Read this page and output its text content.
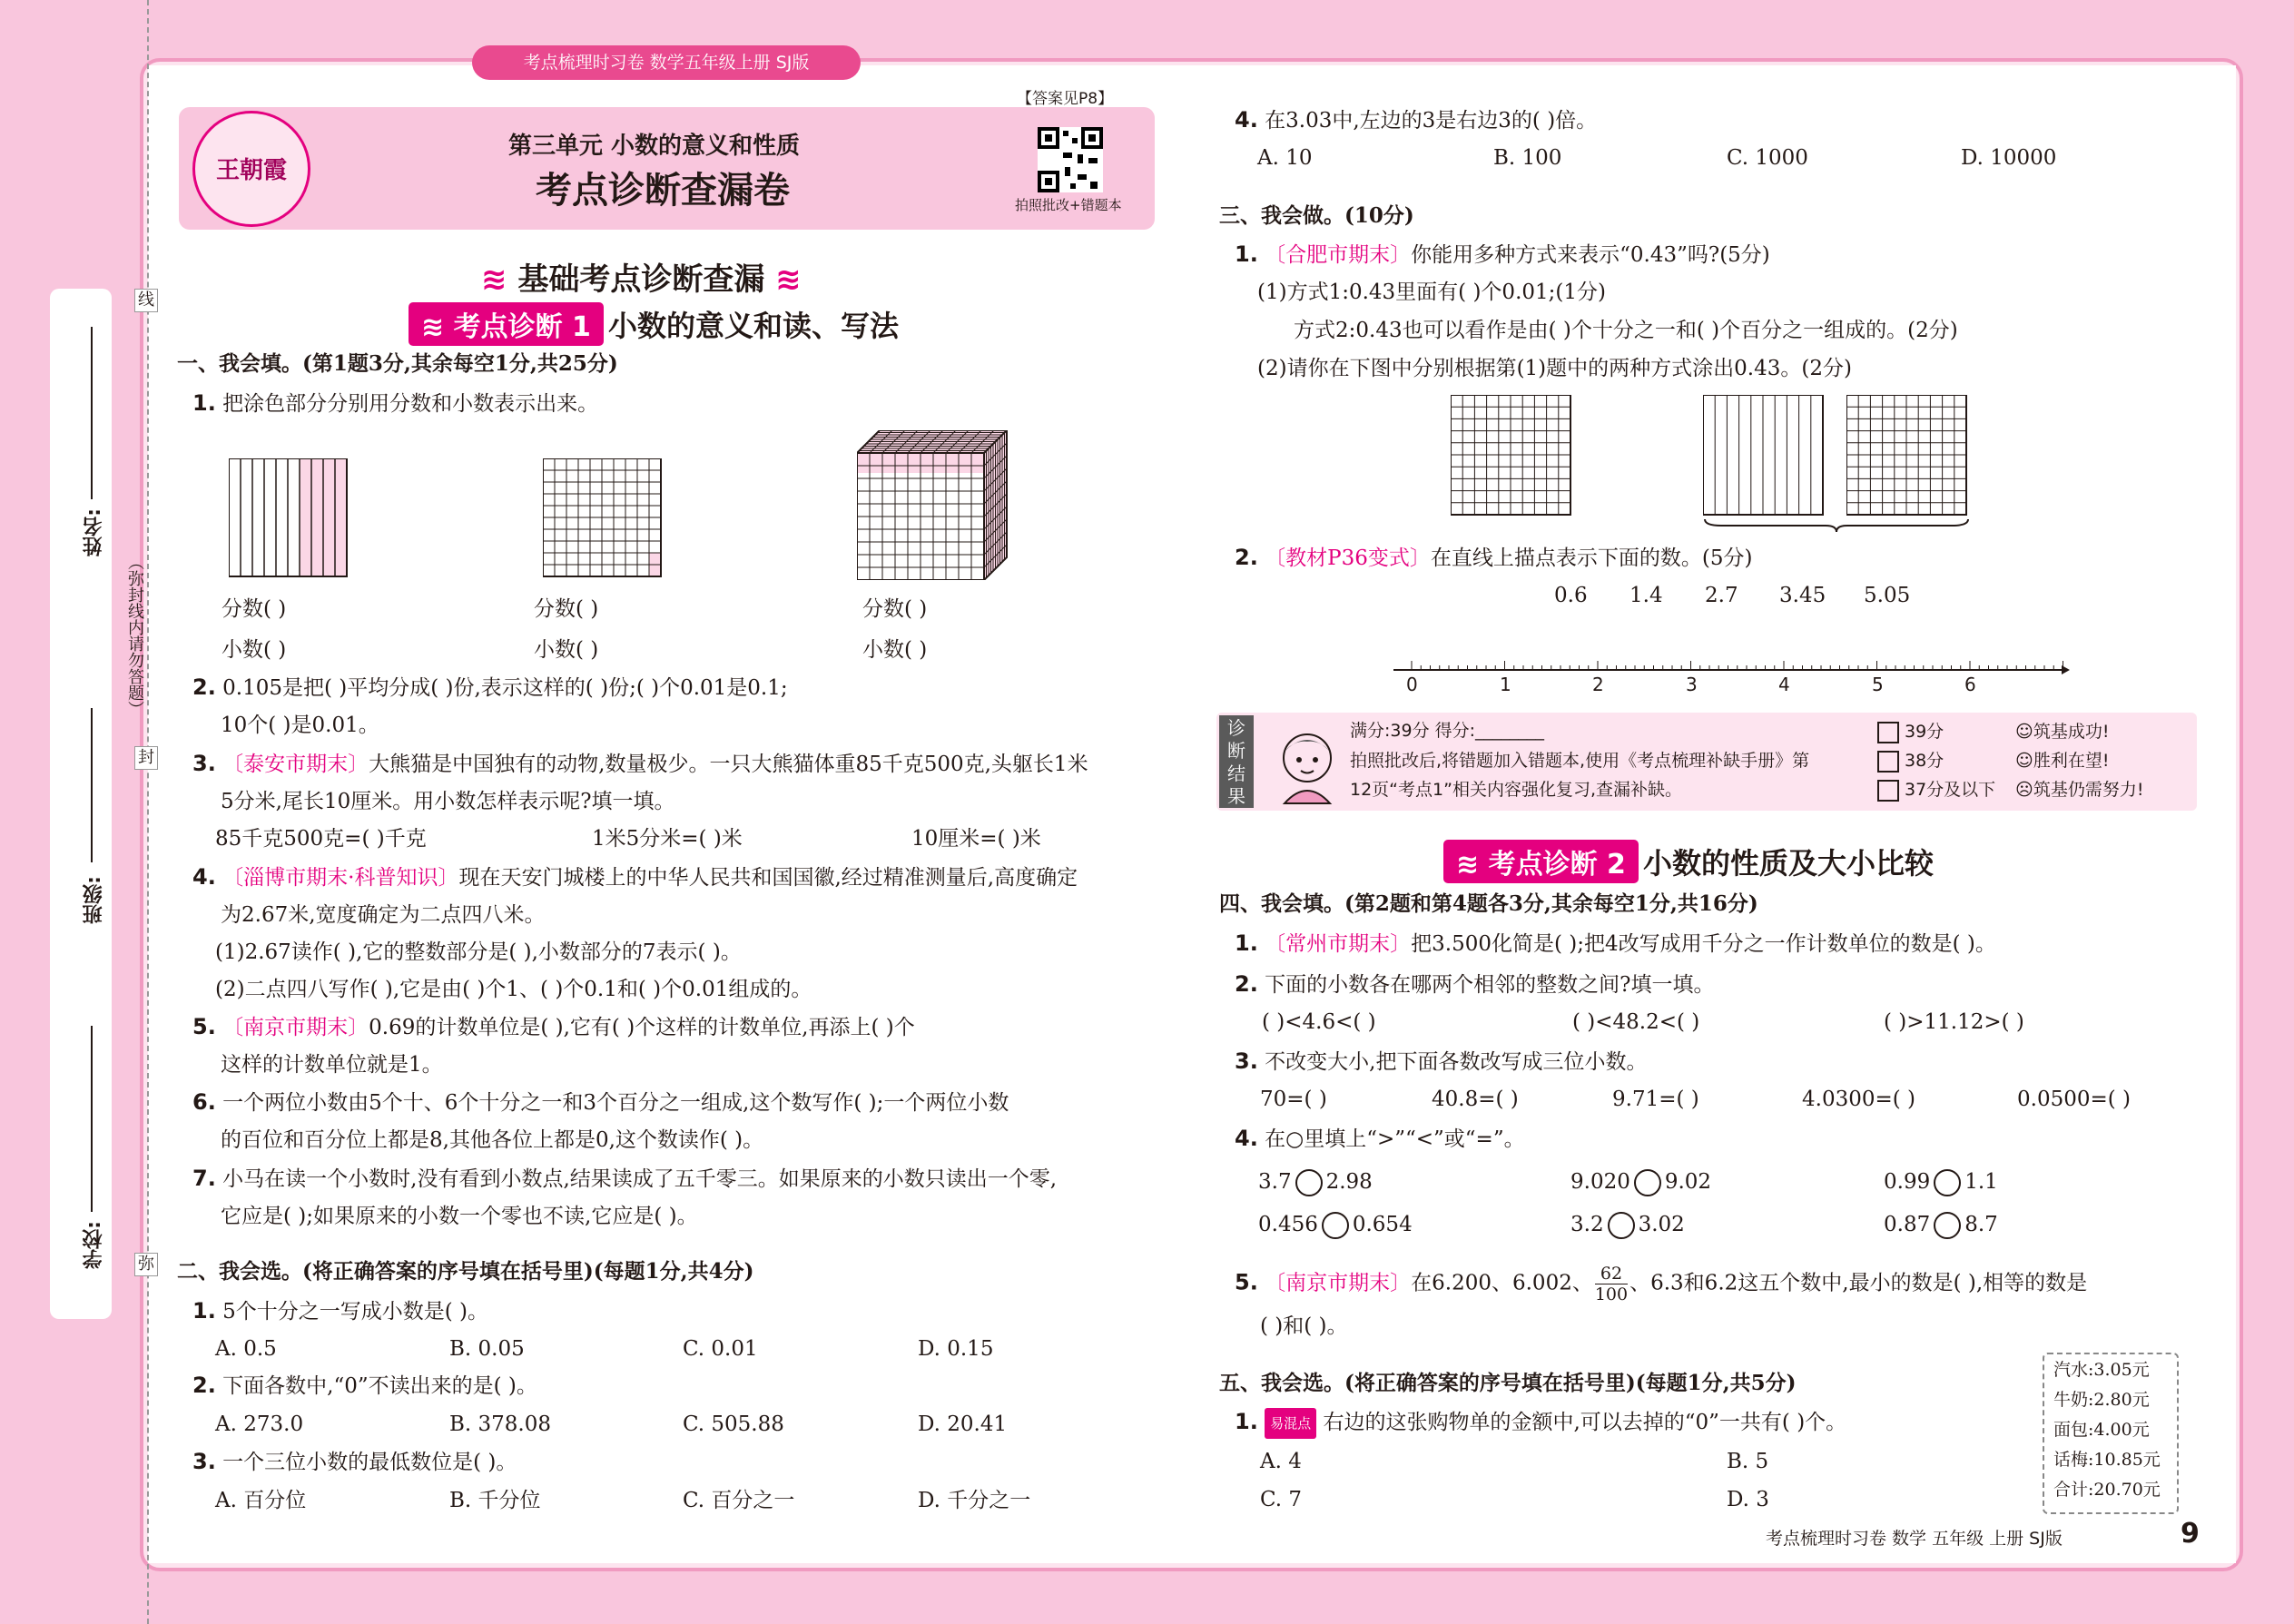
考点梳理时习卷 数学五年级上册 SJ版
姓名:
班级:
学校:
（弥封线内请勿答题）
线
封
弥
王朝霞
【答案见P8】
第三单元 小数的意义和性质
考点诊断查漏卷	拍照批改+错题本
≋ 基础考点诊断查漏 ≋
≋ 考点诊断 1 小数的意义和读、写法
一、我会填。(第1题3分,其余每空1分,共25分)
1. 把涂色部分分别用分数和小数表示出来。
分数( )	分数( )	分数( )
小数( )	小数( )	小数( )
2. 0.105是把( )平均分成( )份,表示这样的( )份;( )个0.01是0.1;
10个( )是0.01。
3. 〔泰安市期末〕大熊猫是中国独有的动物,数量极少。一只大熊猫体重85千克500克,头躯长1米
5分米,尾长10厘米。用小数怎样表示呢?填一填。
85千克500克=( )千克	1米5分米=( )米	10厘米=( )米
4. 〔淄博市期末·科普知识〕现在天安门城楼上的中华人民共和国国徽,经过精准测量后,高度确定
为2.67米,宽度确定为二点四八米。
(1)2.67读作( ),它的整数部分是( ),小数部分的7表示( )。
(2)二点四八写作( ),它是由( )个1、( )个0.1和( )个0.01组成的。
5. 〔南京市期末〕0.69的计数单位是( ),它有( )个这样的计数单位,再添上( )个
这样的计数单位就是1。
6. 一个两位小数由5个十、6个十分之一和3个百分之一组成,这个数写作( );一个两位小数
的百位和百分位上都是8,其他各位上都是0,这个数读作( )。
7. 小马在读一个小数时,没有看到小数点,结果读成了五千零三。如果原来的小数只读出一个零,
它应是( );如果原来的小数一个零也不读,它应是( )。
二、我会选。(将正确答案的序号填在括号里)(每题1分,共4分)
1. 5个十分之一写成小数是( )。
A. 0.5	B. 0.05	C. 0.01	D. 0.15
2. 下面各数中,“0”不读出来的是( )。
A. 273.0	B. 378.08	C. 505.88	D. 20.41
3. 一个三位小数的最低数位是( )。
A. 百分位	B. 千分位	C. 百分之一	D. 千分之一
4. 在3.03中,左边的3是右边3的( )倍。
A. 10	B. 100	C. 1000	D. 10000
三、我会做。(10分)
1. 〔合肥市期末〕你能用多种方式来表示“0.43”吗?(5分)
(1)方式1:0.43里面有( )个0.01;(1分)
方式2:0.43也可以看作是由( )个十分之一和( )个百分之一组成的。(2分)
(2)请你在下图中分别根据第(1)题中的两种方式涂出0.43。(2分)
2. 〔教材P36变式〕在直线上描点表示下面的数。(5分)
0.6 1.4 2.7 3.45 5.05
0	1	2	3	4	5	6
诊断结果
满分:39分 得分:________
拍照批改后,将错题加入错题本,使用《考点梳理补缺手册》第
12页“考点1”相关内容强化复习,查漏补缺。
39分	☺筑基成功!
38分	☺胜利在望!
37分及以下 ☹筑基仍需努力!
≋ 考点诊断 2 小数的性质及大小比较
四、我会填。(第2题和第4题各3分,其余每空1分,共16分)
1. 〔常州市期末〕把3.500化简是( );把4改写成用千分之一作计数单位的数是( )。
2. 下面的小数各在哪两个相邻的整数之间?填一填。
( )<4.6<( )	( )<48.2<( )	( )>11.12>( )
3. 不改变大小,把下面各数改写成三位小数。
70=( )	40.8=( )	9.71=( )	4.0300=( )	0.0500=( )
4. 在○里填上“>”“<”或“=”。
3.7 2.98	9.020 9.02	0.99 1.1
0.456 0.654	3.2 3.02	0.87 8.7
5. 〔南京市期末〕在6.200、6.002、 $\frac{62}{100}$ 、6.3和6.2这五个数中,最小的数是( ),相等的数是
( )和( )。
五、我会选。(将正确答案的序号填在括号里)(每题1分,共5分)
1. 易混点 右边的这张购物单的金额中,可以去掉的“0”一共有( )个。
A. 4	B. 5
C. 7	D. 3
汽水:3.05元
牛奶:2.80元
面包:4.00元
话梅:10.85元
合计:20.70元
考点梳理时习卷 数学 五年级 上册 SJ版	9
